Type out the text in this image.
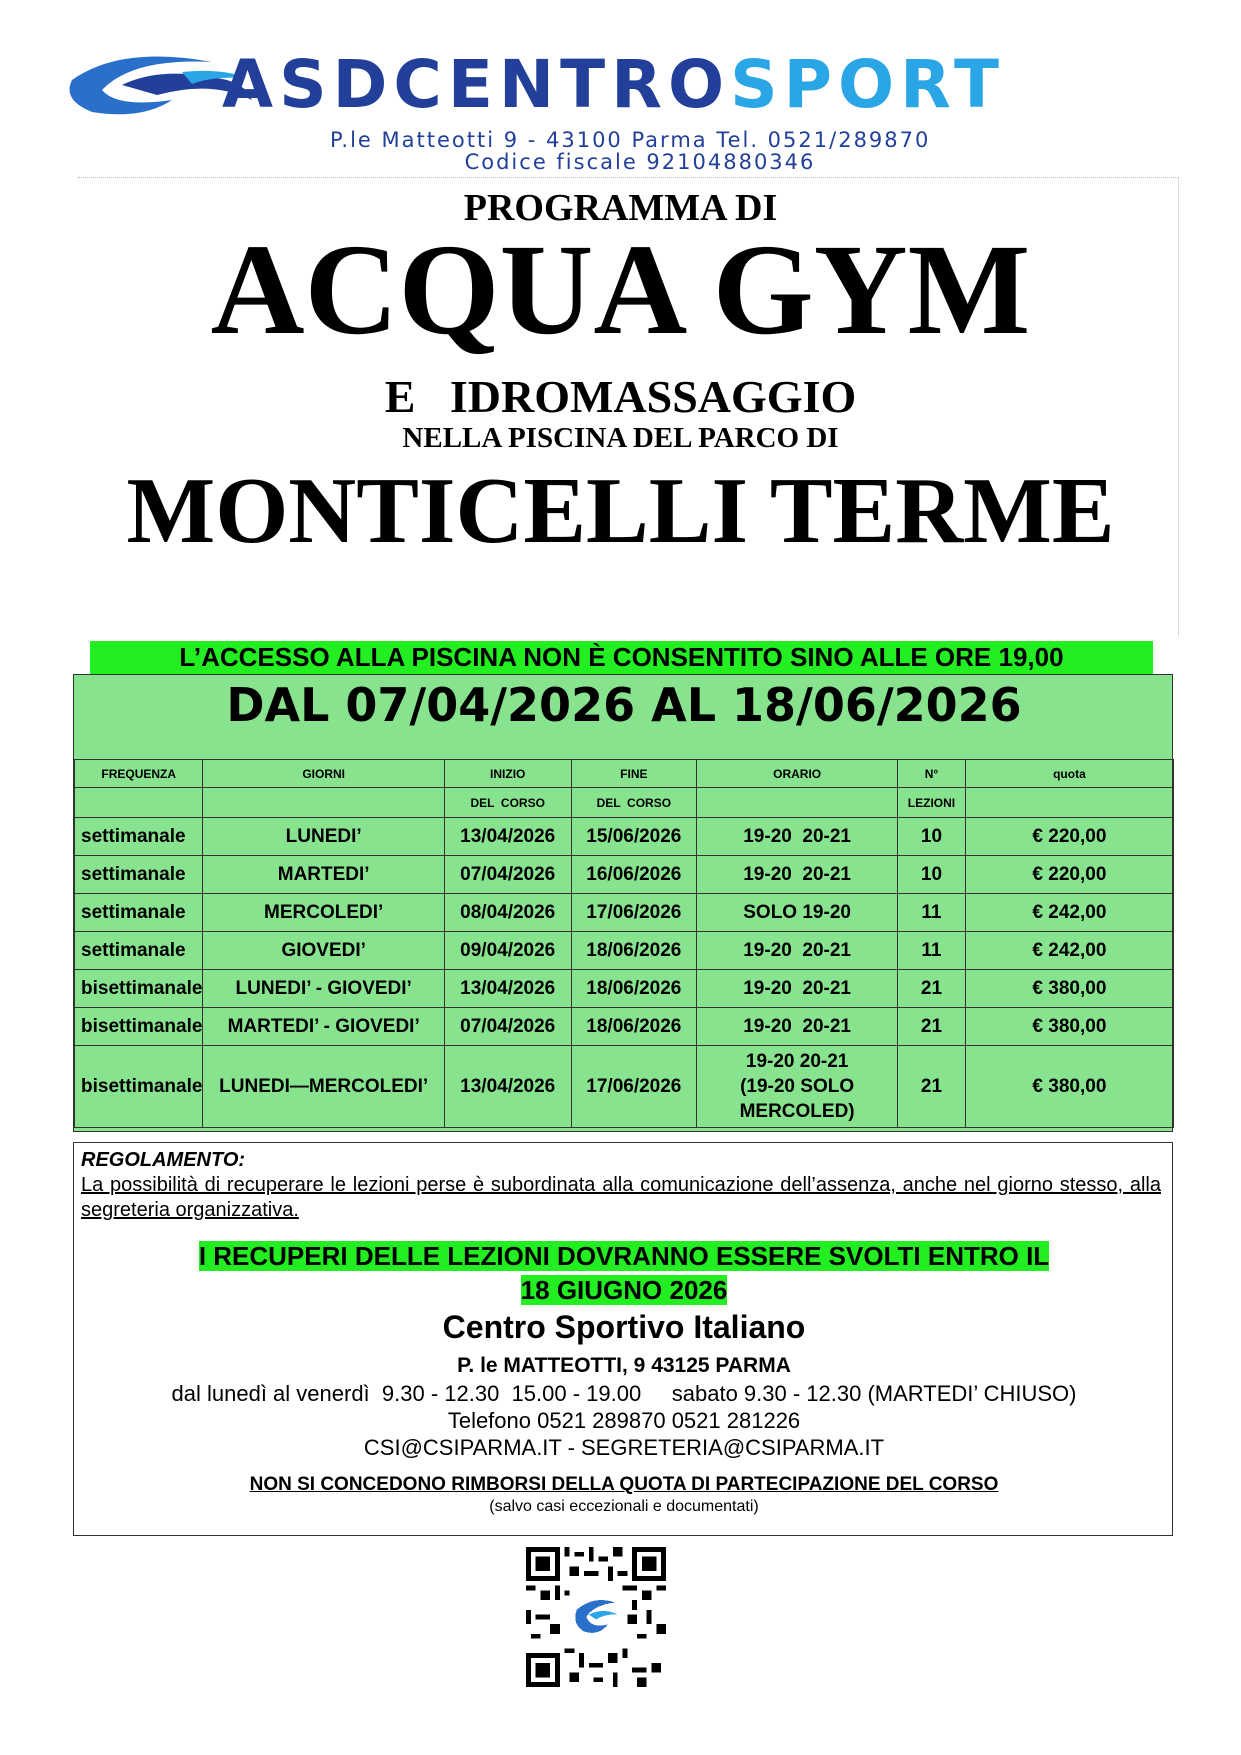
ASDCENTROSPORT
P.le Matteotti 9 - 43100 Parma Tel. 0521/289870
Codice fiscale 92104880346
PROGRAMMA DI
ACQUA GYM
E   IDROMASSAGGIO
NELLA PISCINA DEL PARCO DI
MONTICELLI TERME
L’ACCESSO ALLA PISCINA NON È CONSENTITO SINO ALLE ORE 19,00
DAL 07/04/2026 AL 18/06/2026
FREQUENZA	GIORNI	INIZIO	FINE	ORARIO	N°	quota
		DEL  CORSO	DEL  CORSO		LEZIONI	
settimanale	LUNEDI’	13/04/2026	15/06/2026	19-20  20-21	10	€ 220,00
settimanale	MARTEDI’	07/04/2026	16/06/2026	19-20  20-21	10	€ 220,00
settimanale	MERCOLEDI’	08/04/2026	17/06/2026	SOLO 19-20	11	€ 242,00
settimanale	GIOVEDI’	09/04/2026	18/06/2026	19-20  20-21	11	€ 242,00
bisettimanale	LUNEDI’ - GIOVEDI’	13/04/2026	18/06/2026	19-20  20-21	21	€ 380,00
bisettimanale	MARTEDI’ - GIOVEDI’	07/04/2026	18/06/2026	19-20  20-21	21	€ 380,00
bisettimanale	LUNEDI—MERCOLEDI’	13/04/2026	17/06/2026	19-20 20-21
(19-20 SOLO
MERCOLED)	21	€ 380,00
REGOLAMENTO:
La possibilità di recuperare le lezioni perse è subordinata alla comunicazione dell’assenza, anche nel giorno stesso, alla segreteria organizzativa.
I RECUPERI DELLE LEZIONI DOVRANNO ESSERE SVOLTI ENTRO IL
18 GIUGNO 2026
Centro Sportivo Italiano
P. le MATTEOTTI, 9 43125 PARMA
dal lunedì al venerdì  9.30 - 12.30  15.00 - 19.00     sabato 9.30 - 12.30 (MARTEDI’ CHIUSO)
Telefono 0521 289870 0521 281226
CSI@CSIPARMA.IT - SEGRETERIA@CSIPARMA.IT
NON SI CONCEDONO RIMBORSI DELLA QUOTA DI PARTECIPAZIONE DEL CORSO
(salvo casi eccezionali e documentati)
